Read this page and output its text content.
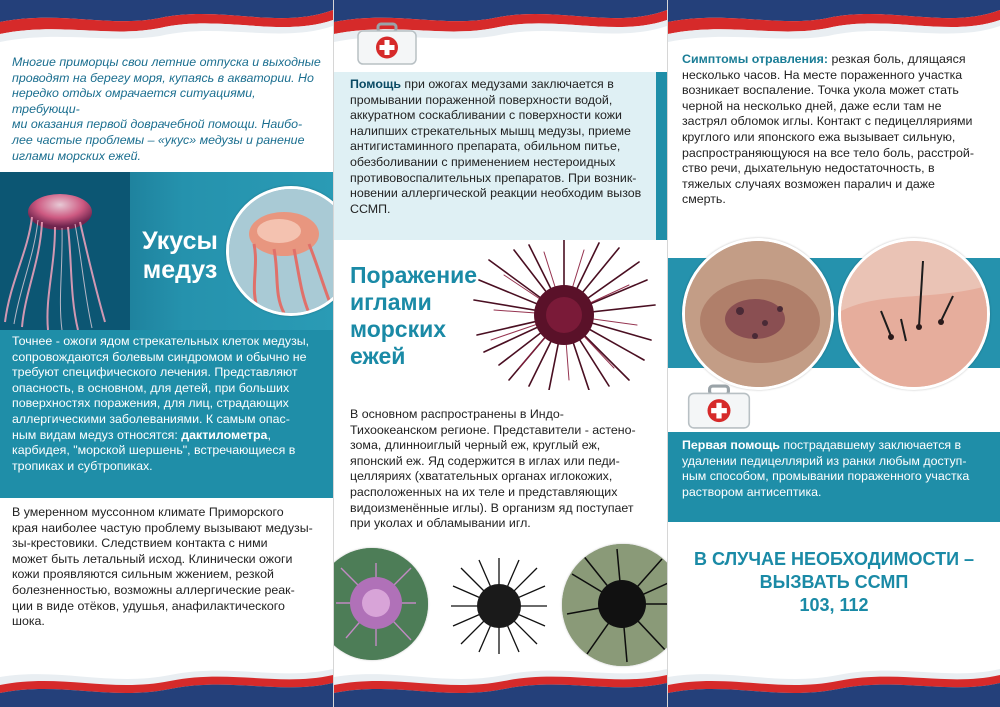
Многие приморцы свои летние отпуска и выходные
проводят на берегу моря, купаясь в акватории. Но
нередко отдых омрачается ситуациями, требующи-
ми оказания первой доврачебной помощи. Наибо-
лее частые проблемы – «укус» медузы и ранение
иглами морских ежей.
Укусы
медуз
Точнее - ожоги ядом стрекательных клеток медузы,
сопровождаются болевым синдромом и обычно не
требуют специфического лечения. Представляют
опасность, в основном, для детей, при больших
поверхностях поражения, для лиц, страдающих
аллергическими заболеваниями. К самым опас-
ным видам медуз относятся: дактилометра,
карбидея, "морской шершень", встречающиеся в
тропиках и субтропиках.
В умеренном муссонном климате Приморского
края наиболее частую проблему вызывают медузы-
зы-крестовики. Следствием контакта с ними
может быть летальный исход. Клинически ожоги
кожи проявляются сильным жжением, резкой
болезненностью, возможны аллергические реак-
ции в виде отёков, удушья, анафилактического
шока.
Помощь при ожогах медузами заключается в
промывании пораженной поверхности водой,
аккуратном соскабливании с поверхности кожи
налипших стрекательных мышц медузы, приеме
антигистаминного препарата, обильном питье,
обезболивании с применением нестероидных
противовоспалительных препаратов. При возник-
новении аллергической реакции необходим вызов
ССМП.
Поражение
иглами
морских
ежей
В основном распространены в Индо-
Тихоокеанском регионе. Представители - астено-
зома, длинноиглый черный еж, круглый еж,
японский еж. Яд содержится в иглах или педи-
целляриях (хватательных органах иглокожих,
расположенных на их теле и представляющих
видоизменённые иглы). В организм яд поступает
при уколах и обламывании игл.
Симптомы отравления: резкая боль, длящаяся
несколько часов. На месте пораженного участка
возникает воспаление. Точка укола может стать
черной на несколько дней, даже если там не
застрял обломок иглы. Контакт с педицелляриями
круглого или японского ежа вызывает сильную,
распространяющуюся на все тело боль, расстрой-
ство речи, дыхательную недостаточность, в
тяжелых случаях возможен паралич и даже
смерть.
Первая помощь пострадавшему заключается в
удалении педицеллярий из ранки любым доступ-
ным способом, промывании пораженного участка
раствором антисептика.
В СЛУЧАЕ НЕОБХОДИМОСТИ –
ВЫЗВАТЬ ССМП
103, 112
